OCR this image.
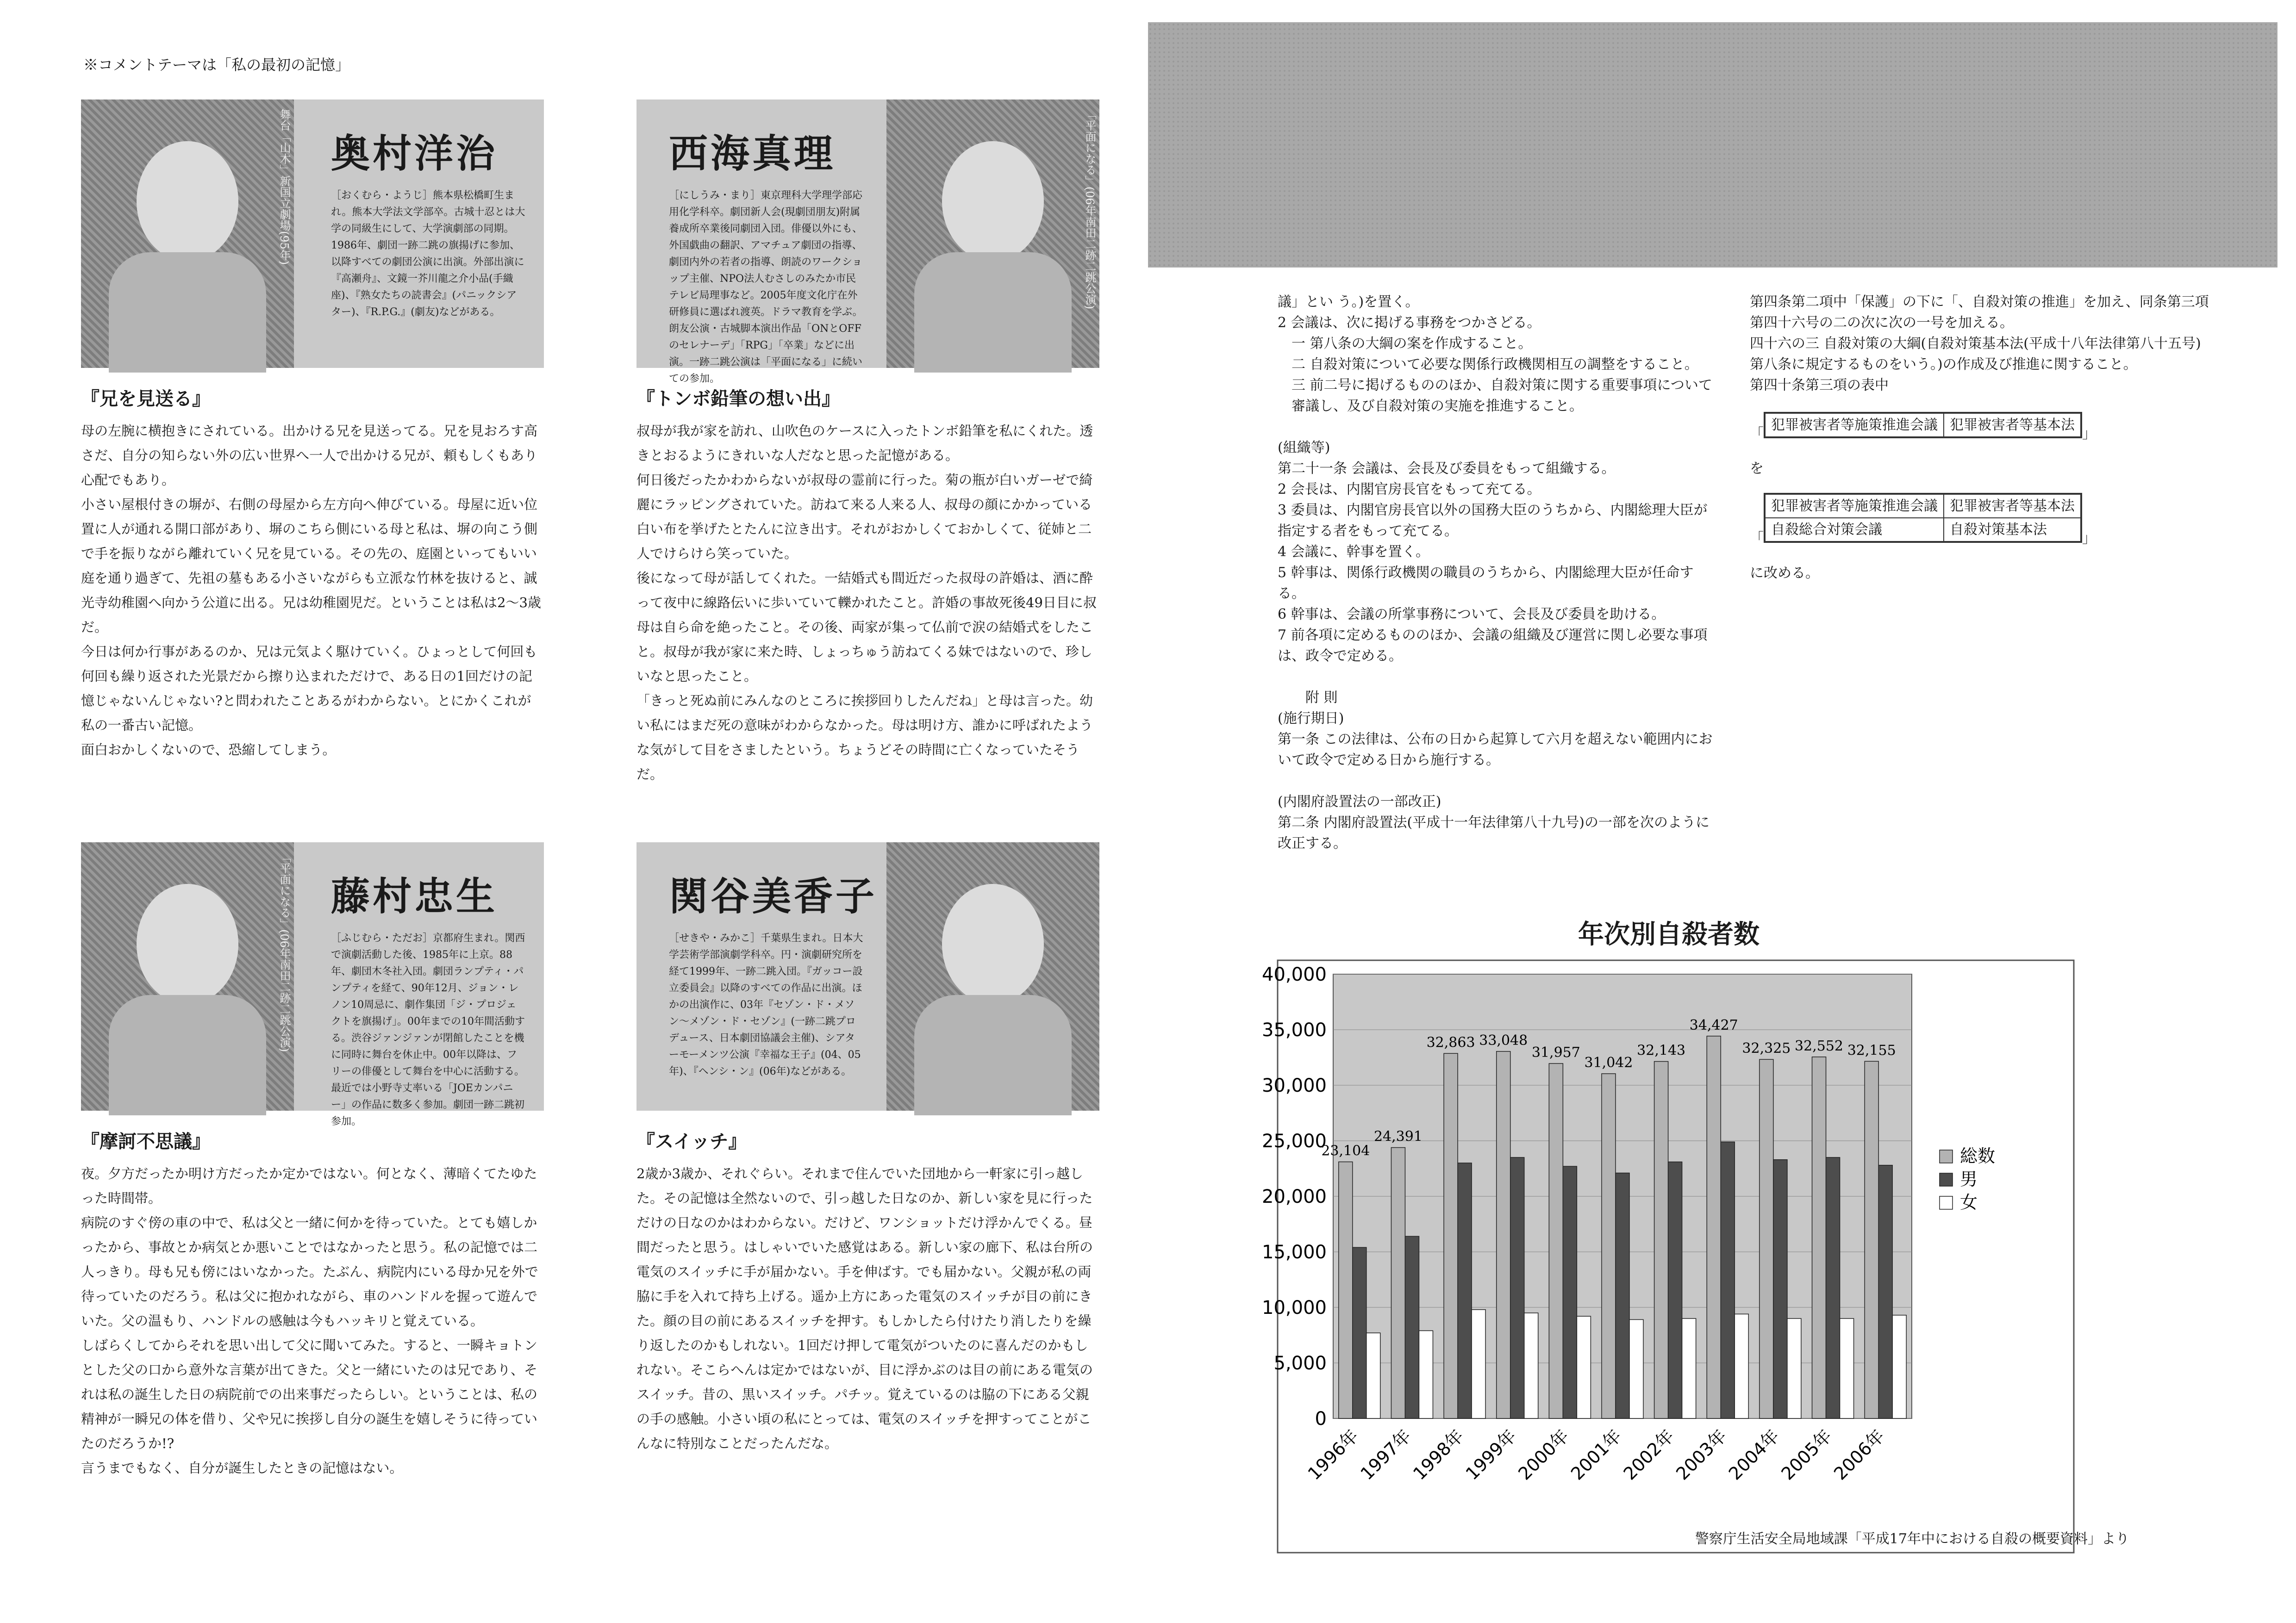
※コメントテーマは「私の最初の記憶」
舞台「山木」新国立劇場(95年) 奥村洋治
［おくむら・ようじ］熊本県松橋町生まれ。熊本大学法文学部卒。古城十忍とは大学の同級生にして、大学演劇部の同期。1986年、劇団一跡二跳の旗揚げに参加、以降すべての劇団公演に出演。外部出演に『高瀬舟』、文鏡一芥川龍之介小品(手織座)、『熟女たちの読書会』(パニックシアター)、『R.P.G.』(劇友)などがある。
『兄を見送る』

母の左腕に横抱きにされている。出かける兄を見送ってる。兄を見おろす高さだ、自分の知らない外の広い世界へ一人で出かける兄が、頼もしくもあり心配でもあり。

小さい屋根付きの塀が、右側の母屋から左方向へ伸びている。母屋に近い位置に人が通れる開口部があり、塀のこちら側にいる母と私は、塀の向こう側で手を振りながら離れていく兄を見ている。その先の、庭園といってもいい庭を通り過ぎて、先祖の墓もある小さいながらも立派な竹林を抜けると、誠光寺幼稚園へ向かう公道に出る。兄は幼稚園児だ。ということは私は2〜3歳だ。

今日は何か行事があるのか、兄は元気よく駆けていく。ひょっとして何回も何回も繰り返された光景だから擦り込まれただけで、ある日の1回だけの記憶じゃないんじゃない?と問われたことあるがわからない。とにかくこれが私の一番古い記憶。

面白おかしくないので、恐縮してしまう。

西海真理
［にしうみ・まり］東京理科大学理学部応用化学科卒。劇団新人会(現劇団朋友)附属養成所卒業後同劇団入団。俳優以外にも、外国戯曲の翻訳、アマチュア劇団の指導、劇団内外の若者の指導、朗読のワークショップ主催、NPO法人むさしのみたか市民テレビ局理事など。2005年度文化庁在外研修員に選ばれ渡英。ドラマ教育を学ぶ。朗友公演・古城脚本演出作品「ONとOFFのセレナーデ」「RPG」「卒業」などに出演。一跡二跳公演は「平面になる」に続いての参加。
「平面になる」(06年南田二跡二跳公演)
『トンボ鉛筆の想い出』

叔母が我が家を訪れ、山吹色のケースに入ったトンボ鉛筆を私にくれた。透きとおるようにきれいな人だなと思った記憶がある。

何日後だったかわからないが叔母の霊前に行った。菊の瓶が白いガーゼで綺麗にラッピングされていた。訪ねて来る人来る人、叔母の顔にかかっている白い布を挙げたとたんに泣き出す。それがおかしくておかしくて、従姉と二人でけらけら笑っていた。

後になって母が話してくれた。一結婚式も間近だった叔母の許婚は、酒に酔って夜中に線路伝いに歩いていて轢かれたこと。許婚の事故死後49日目に叔母は自ら命を絶ったこと。その後、両家が集って仏前で涙の結婚式をしたこと。叔母が我が家に来た時、しょっちゅう訪ねてくる妹ではないので、珍しいなと思ったこと。

「きっと死ぬ前にみんなのところに挨拶回りしたんだね」と母は言った。幼い私にはまだ死の意味がわからなかった。母は明け方、誰かに呼ばれたような気がして目をさましたという。ちょうどその時間に亡くなっていたそうだ。

「平面になる」(06年南田二跡二跳公演) 藤村忠生
［ふじむら・ただお］京都府生まれ。関西で演劇活動した後、1985年に上京。88年、劇団木冬社入団。劇団ランプティ・パンプティを経て、90年12月、ジョン・レノン10周忌に、劇作集団「ジ・プロジェクトを旗揚げ」。00年までの10年間活動する。渋谷ジァンジァンが閉館したことを機に同時に舞台を休止中。00年以降は、フリーの俳優として舞台を中心に活動する。最近では小野寺丈率いる「JOEカンパニー」の作品に数多く参加。劇団一跡二跳初参加。
『摩訶不思議』

夜。夕方だったか明け方だったか定かではない。何となく、薄暗くてたゆたった時間帯。

病院のすぐ傍の車の中で、私は父と一緒に何かを待っていた。とても嬉しかったから、事故とか病気とか悪いことではなかったと思う。私の記憶では二人っきり。母も兄も傍にはいなかった。たぶん、病院内にいる母か兄を外で待っていたのだろう。私は父に抱かれながら、車のハンドルを握って遊んでいた。父の温もり、ハンドルの感触は今もハッキリと覚えている。

しばらくしてからそれを思い出して父に聞いてみた。すると、一瞬キョトンとした父の口から意外な言葉が出てきた。父と一緒にいたのは兄であり、それは私の誕生した日の病院前での出来事だったらしい。ということは、私の精神が一瞬兄の体を借り、父や兄に挨拶し自分の誕生を嬉しそうに待っていたのだろうか!?

言うまでもなく、自分が誕生したときの記憶はない。

関谷美香子
［せきや・みかこ］千葉県生まれ。日本大学芸術学部演劇学科卒。円・演劇研究所を経て1999年、一跡二跳入団。『ガッコー設立委員会』以降のすべての作品に出演。ほかの出演作に、03年『セゾン・ド・メソン〜メゾン・ド・セゾン』(一跡二跳プロデュース、日本劇団協議会主催)、シアターモーメンツ公演『幸福な王子』(04、05年)、『ヘンシ・ン』(06年)などがある。
『スイッチ』

2歳か3歳か、それぐらい。それまで住んでいた団地から一軒家に引っ越した。その記憶は全然ないので、引っ越した日なのか、新しい家を見に行っただけの日なのかはわからない。だけど、ワンショットだけ浮かんでくる。昼間だったと思う。はしゃいでいた感覚はある。新しい家の廊下、私は台所の電気のスイッチに手が届かない。手を伸ばす。でも届かない。父親が私の両脇に手を入れて持ち上げる。遥か上方にあった電気のスイッチが目の前にきた。顔の目の前にあるスイッチを押す。もしかしたら付けたり消したりを繰り返したのかもしれない。1回だけ押して電気がついたのに喜んだのかもしれない。そこらへんは定かではないが、目に浮かぶのは目の前にある電気のスイッチ。昔の、黒いスイッチ。パチッ。覚えているのは脇の下にある父親の手の感触。小さい頃の私にとっては、電気のスイッチを押すってことがこんなに特別なことだったんだな。

議」とい う。)を置く。

2 会議は、次に掲げる事務をつかさどる。

一 第八条の大綱の案を作成すること。

二 自殺対策について必要な関係行政機関相互の調整をすること。

三 前二号に掲げるもののほか、自殺対策に関する重要事項について審議し、及び自殺対策の実施を推進すること。

(組織等)

第二十一条 会議は、会長及び委員をもって組織する。

2 会長は、内閣官房長官をもって充てる。

3 委員は、内閣官房長官以外の国務大臣のうちから、内閣総理大臣が指定する者をもって充てる。

4 会議に、幹事を置く。

5 幹事は、関係行政機関の職員のうちから、内閣総理大臣が任命する。

6 幹事は、会議の所掌事務について、会長及び委員を助ける。

7 前各項に定めるもののほか、会議の組織及び運営に関し必要な事項は、政令で定める。

附 則

(施行期日)

第一条 この法律は、公布の日から起算して六月を超えない範囲内において政令で定める日から施行する。

(内閣府設置法の一部改正)

第二条 内閣府設置法(平成十一年法律第八十九号)の一部を次のように改正する。

第四条第二項中「保護」の下に「、自殺対策の推進」を加え、同条第三項第四十六号の二の次に次の一号を加える。

四十六の三 自殺対策の大綱(自殺対策基本法(平成十八年法律第八十五号)

第八条に規定するものをいう。)の作成及び推進に関すること。

第四十条第三項の表中

「
犯罪被害者等施策推進会議	犯罪被害者等基本法
」

を

「
犯罪被害者等施策推進会議	犯罪被害者等基本法
自殺総合対策会議	自殺対策基本法
」

に改める。

年次別自殺者数
0
5,000
10,000
15,000
20,000
25,000
30,000
35,000
40,000
1996年
23,104
1997年
24,391
1998年
32,863
1999年
33,048
2000年
31,957
2001年
31,042
2002年
32,143
2003年
34,427
2004年
32,325
2005年
32,552
2006年
32,155
総数
男
女
警察庁生活安全局地域課「平成17年中における自殺の概要資料」より
